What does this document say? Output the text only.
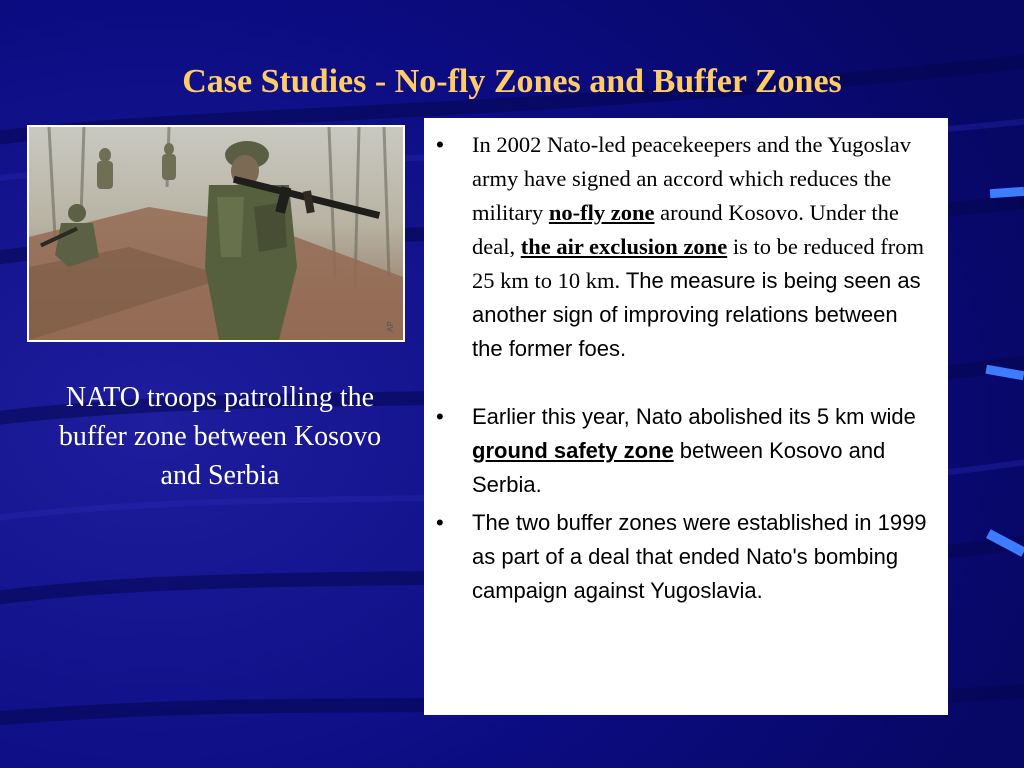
Case Studies - No-fly Zones and Buffer Zones
AP
NATO troops patrolling the buffer zone between Kosovo and Serbia
• In 2002 Nato-led peacekeepers and the Yugoslav army have signed an accord which reduces the military no-fly zone around Kosovo. Under the deal, the air exclusion zone is to be reduced from 25 km to 10 km. The measure is being seen as another sign of improving relations between the former foes.
• Earlier this year, Nato abolished its 5 km wide ground safety zone between Kosovo and Serbia.
• The two buffer zones were established in 1999 as part of a deal that ended Nato's bombing campaign against Yugoslavia.
